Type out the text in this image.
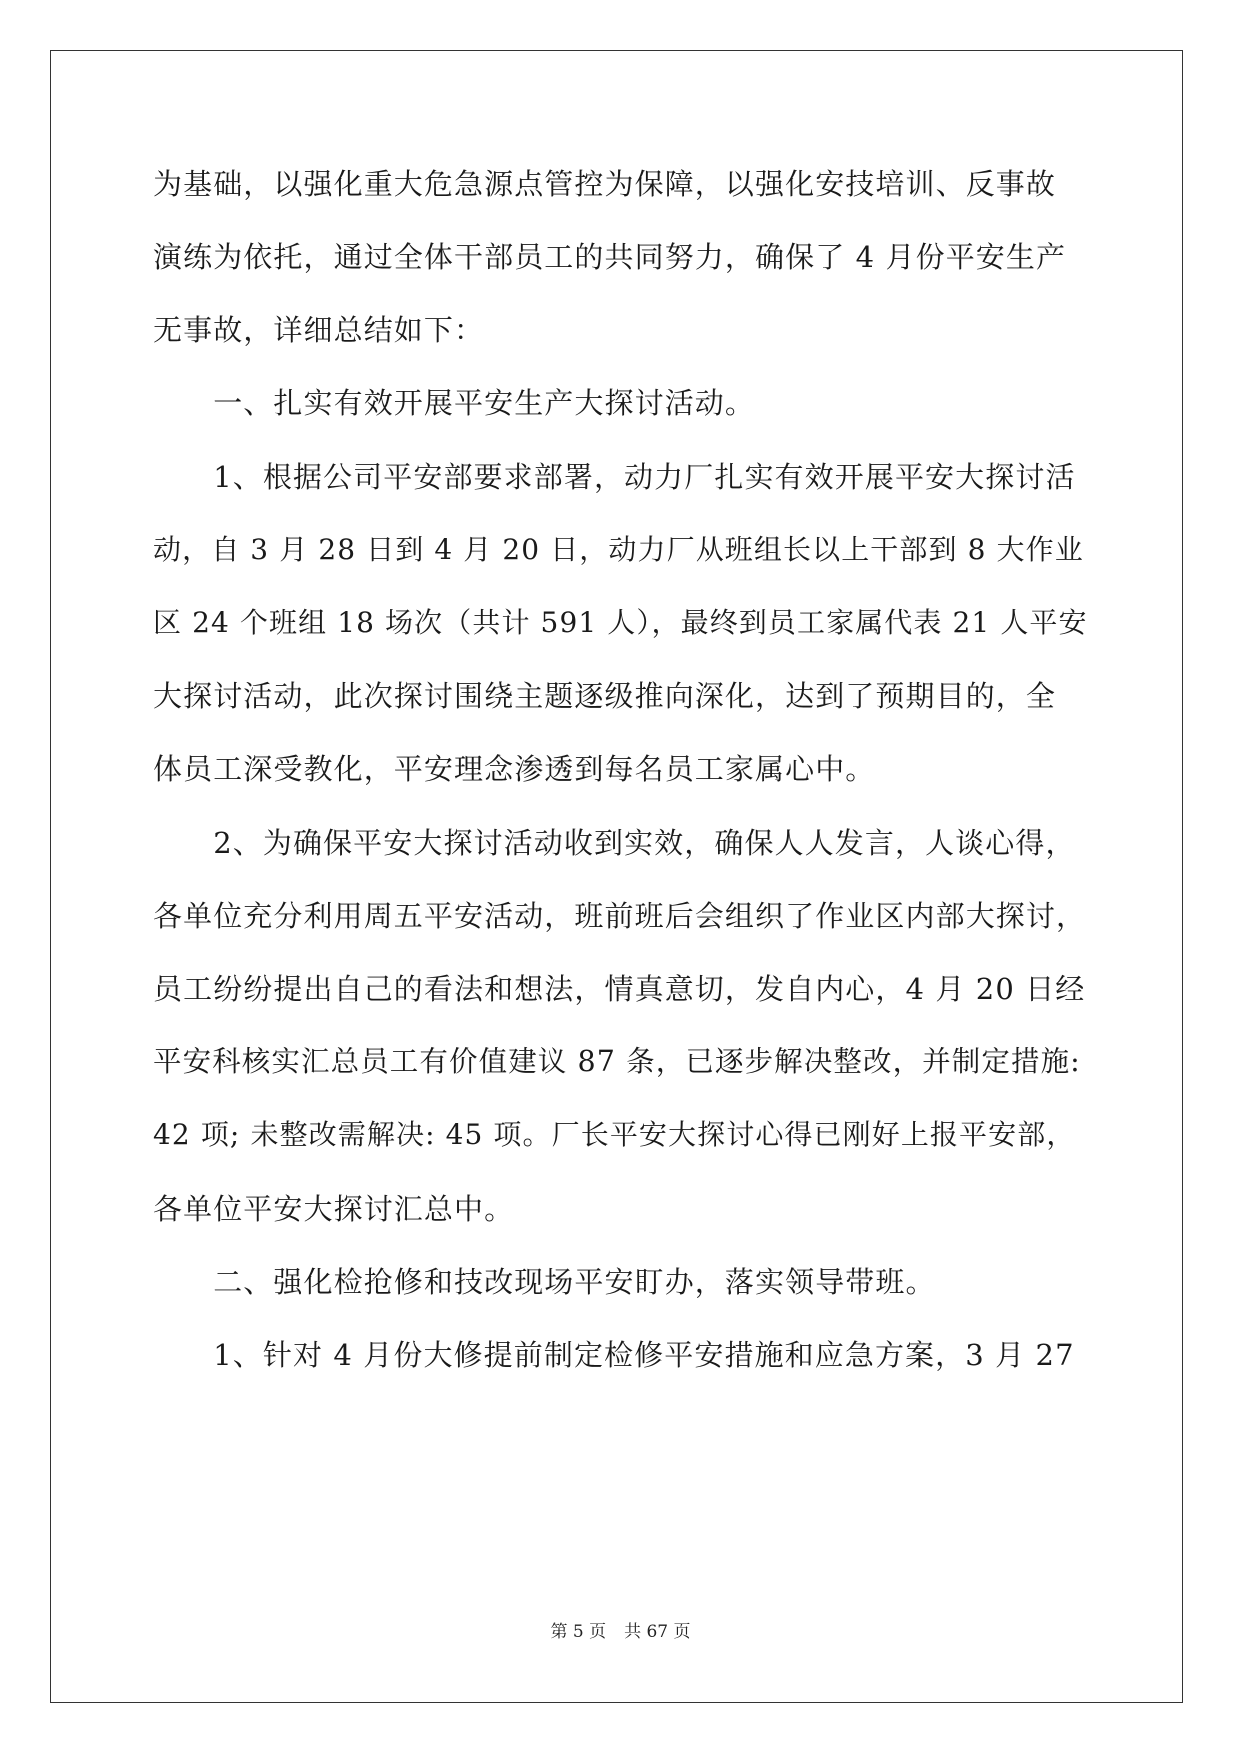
为基础，以强化重大危急源点管控为保障，以强化安技培训、反事故
演练为依托，通过全体干部员工的共同努力，确保了 4 月份平安生产
无事故，详细总结如下：
　　一、扎实有效开展平安生产大探讨活动。
　　1、根据公司平安部要求部署，动力厂扎实有效开展平安大探讨活
动，自 3 月 28 日到 4 月 20 日，动力厂从班组长以上干部到 8 大作业
区 24 个班组 18 场次（共计 591 人），最终到员工家属代表 21 人平安
大探讨活动，此次探讨围绕主题逐级推向深化，达到了预期目的，全
体员工深受教化，平安理念渗透到每名员工家属心中。
　　2、为确保平安大探讨活动收到实效，确保人人发言，人谈心得，
各单位充分利用周五平安活动，班前班后会组织了作业区内部大探讨，
员工纷纷提出自己的看法和想法，情真意切，发自内心，4 月 20 日经
平安科核实汇总员工有价值建议 87 条，已逐步解决整改，并制定措施:
42 项; 未整改需解决: 45 项。厂长平安大探讨心得已刚好上报平安部，
各单位平安大探讨汇总中。
　　二、强化检抢修和技改现场平安盯办，落实领导带班。
　　1、针对 4 月份大修提前制定检修平安措施和应急方案，3 月 27
第 5 页 共 67 页
